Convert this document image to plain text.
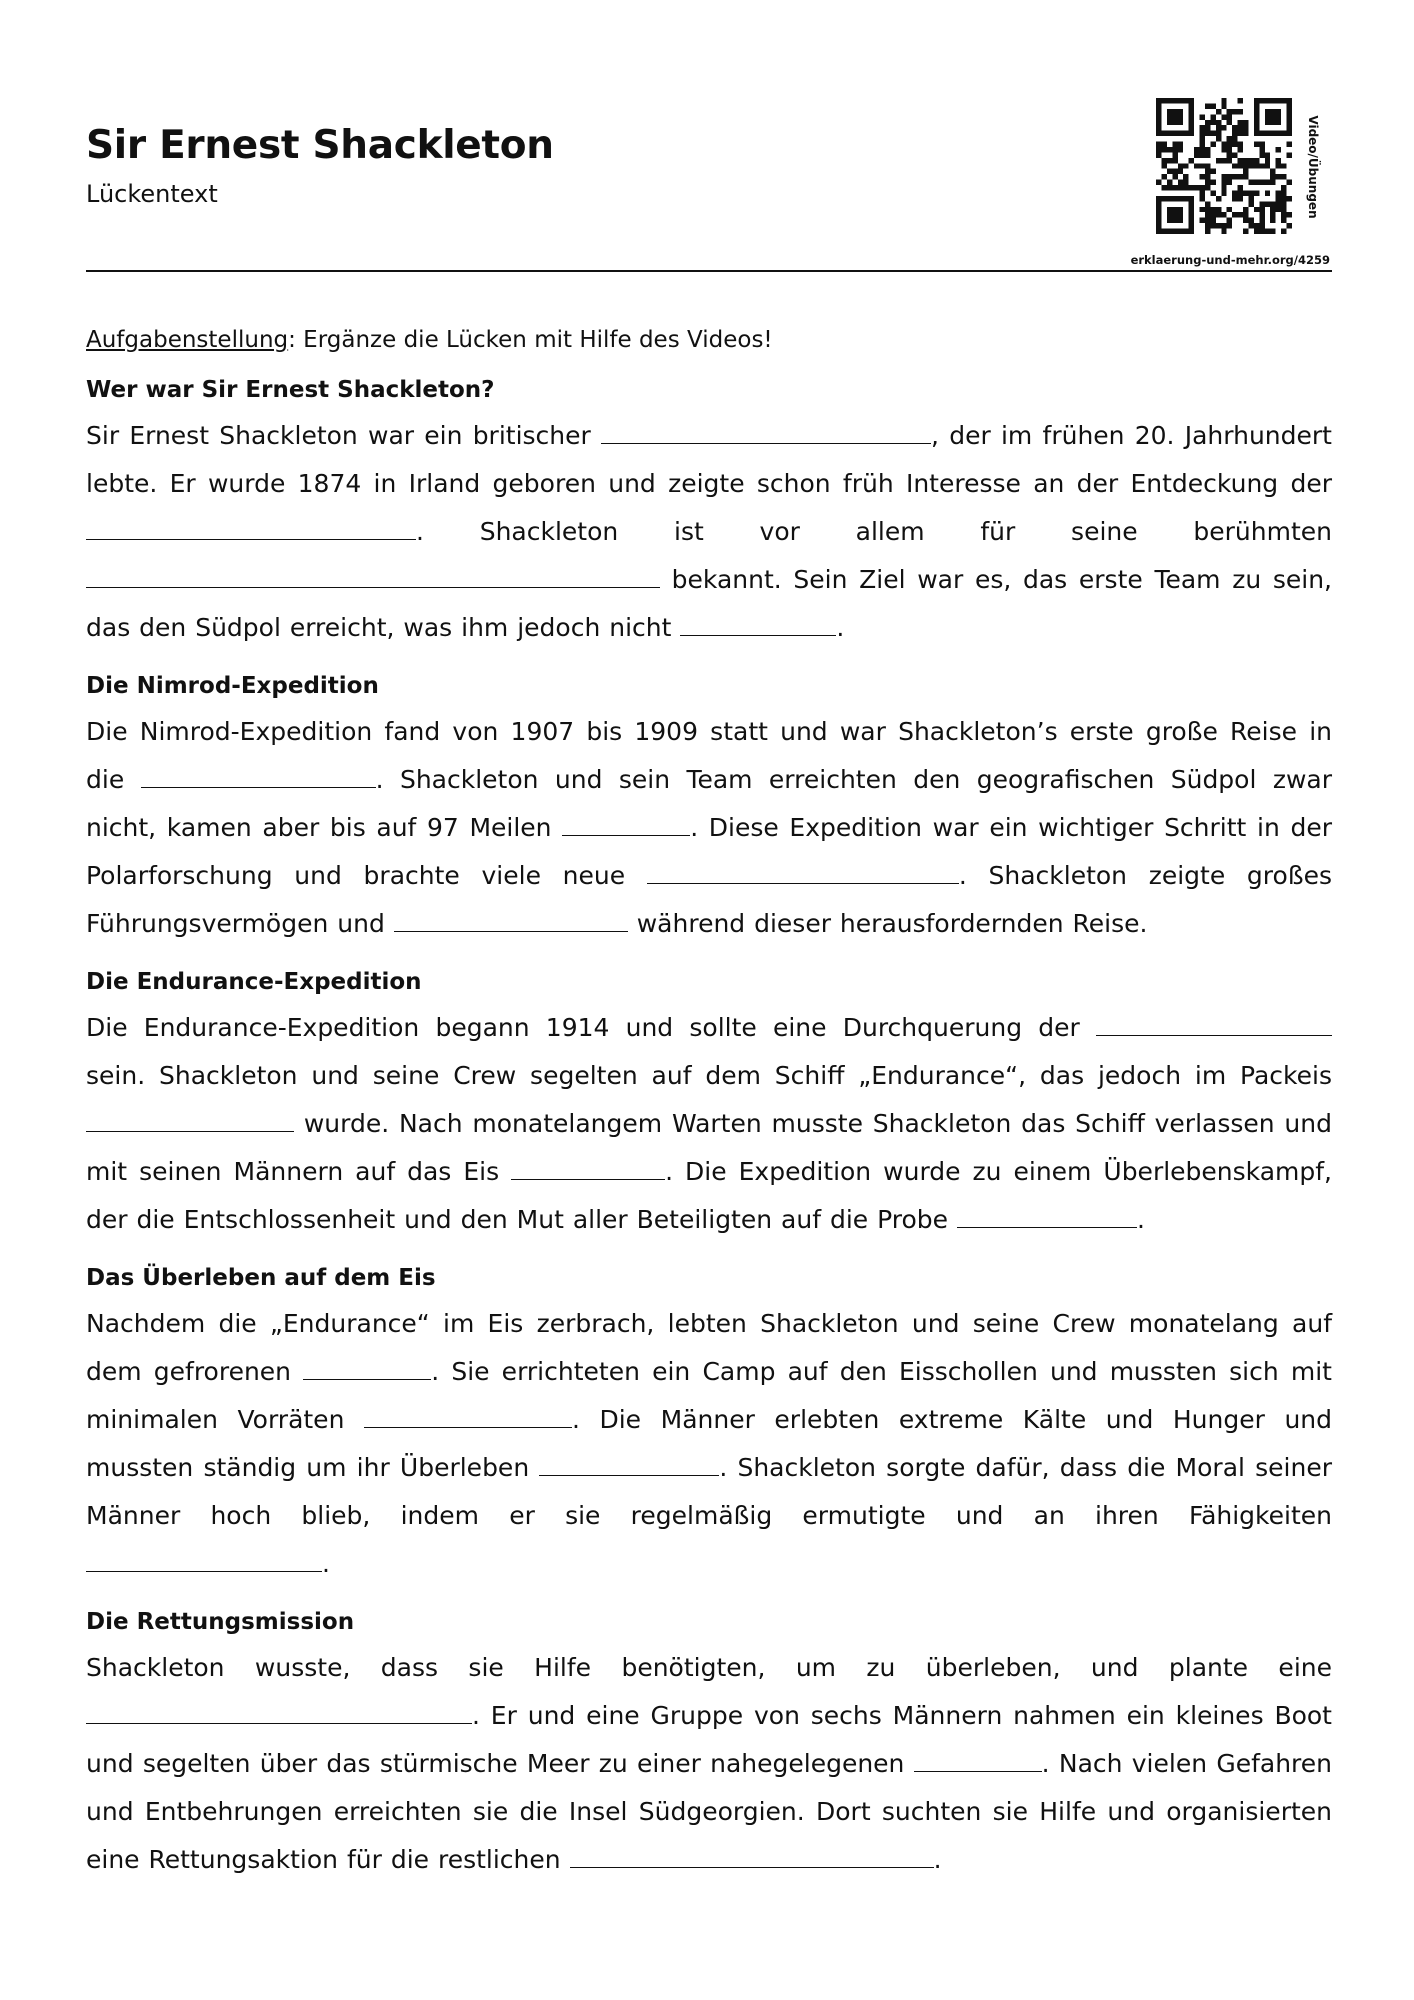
Sir Ernest Shackleton
Lückentext	Video/Übungen
erklaerung-und-mehr.org/4259
Aufgabenstellung: Ergänze die Lücken mit Hilfe des Videos!
Wer war Sir Ernest Shackleton?

Sir Ernest Shackleton war ein britischer	, der im frühen 20. Jahrhundert lebte. Er wurde 1874 in Irland geboren und zeigte schon früh Interesse an der Entdeckung der . Shackleton ist vor allem für seine berühmten  bekannt. Sein Ziel war es, das erste Team zu sein, das den Südpol erreicht, was ihm jedoch nicht	.

Die Nimrod-Expedition

Die Nimrod-Expedition fand von 1907 bis 1909 statt und war Shackleton’s erste große Reise in die	. Shackleton und sein Team erreichten den geografischen Südpol zwar nicht, kamen aber bis auf 97 Meilen	. Diese Expedition war ein wichtiger Schritt in der Polarforschung und brachte viele neue	. Shackleton zeigte großes Führungsvermögen und	während dieser herausfordernden Reise.

Die Endurance-Expedition

Die Endurance-Expedition begann 1914 und sollte eine Durchquerung der  sein. Shackleton und seine Crew segelten auf dem Schiff „Endurance“, das jedoch im Packeis  wurde. Nach monatelangem Warten musste Shackleton das Schiff verlassen und mit seinen Männern auf das Eis	. Die Expedition wurde zu einem Überlebenskampf, der die Entschlossenheit und den Mut aller Beteiligten auf die Probe	.

Das Überleben auf dem Eis

Nachdem die „Endurance“ im Eis zerbrach, lebten Shackleton und seine Crew monatelang auf dem gefrorenen	. Sie errichteten ein Camp auf den Eisschollen und mussten sich mit minimalen Vorräten	. Die Männer erlebten extreme Kälte und Hunger und mussten ständig um ihr Überleben	. Shackleton sorgte dafür, dass die Moral seiner Männer hoch blieb, indem er sie regelmäßig ermutigte und an ihren Fähigkeiten .

Die Rettungsmission

Shackleton wusste, dass sie Hilfe benötigten, um zu überleben, und plante eine . Er und eine Gruppe von sechs Männern nahmen ein kleines Boot und segelten über das stürmische Meer zu einer nahegelegenen	. Nach vielen Gefahren und Entbehrungen erreichten sie die Insel Südgeorgien. Dort suchten sie Hilfe und organisierten eine Rettungsaktion für die restlichen	.
